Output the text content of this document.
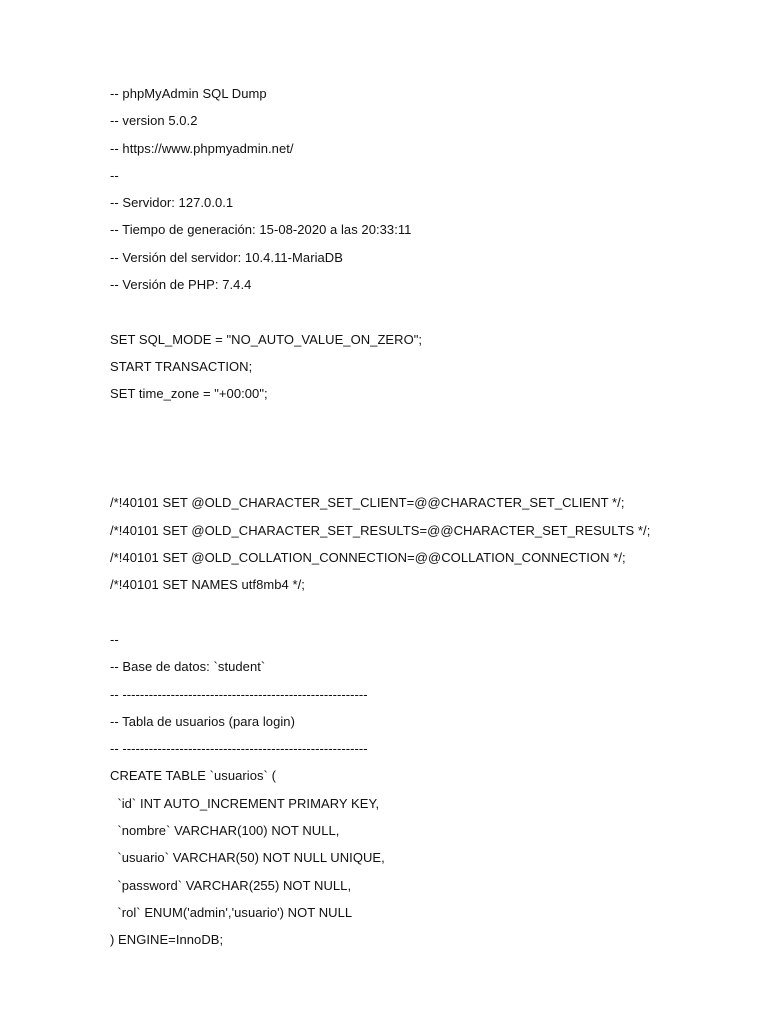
-- phpMyAdmin SQL Dump
-- version 5.0.2
-- https://www.phpmyadmin.net/
--
-- Servidor: 127.0.0.1
-- Tiempo de generación: 15-08-2020 a las 20:33:11
-- Versión del servidor: 10.4.11-MariaDB
-- Versión de PHP: 7.4.4
SET SQL_MODE = "NO_AUTO_VALUE_ON_ZERO";
START TRANSACTION;
SET time_zone = "+00:00";
/*!40101 SET @OLD_CHARACTER_SET_CLIENT=@@CHARACTER_SET_CLIENT */;
/*!40101 SET @OLD_CHARACTER_SET_RESULTS=@@CHARACTER_SET_RESULTS */;
/*!40101 SET @OLD_COLLATION_CONNECTION=@@COLLATION_CONNECTION */;
/*!40101 SET NAMES utf8mb4 */;
--
-- Base de datos: `student`
-- --------------------------------------------------------
-- Tabla de usuarios (para login)
-- --------------------------------------------------------
CREATE TABLE `usuarios` (
`id` INT AUTO_INCREMENT PRIMARY KEY,
`nombre` VARCHAR(100) NOT NULL,
`usuario` VARCHAR(50) NOT NULL UNIQUE,
`password` VARCHAR(255) NOT NULL,
`rol` ENUM('admin','usuario') NOT NULL
) ENGINE=InnoDB;
